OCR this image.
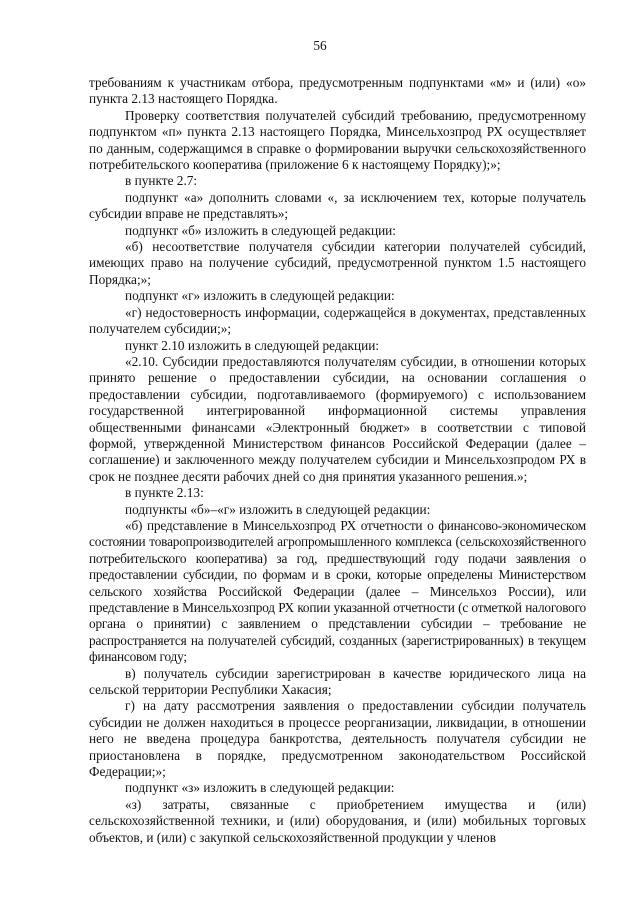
56

требованиям к участникам отбора, предусмотренным подпунктами «м» и (или) «о» пункта 2.13 настоящего Порядка.

Проверку соответствия получателей субсидий требованию, предусмотренному подпунктом «п» пункта 2.13 настоящего Порядка, Минсельхозпрод РХ осуществляет по данным, содержащимся в справке о формировании выручки сельскохозяйственного потребительского кооператива (приложение 6 к настоящему Порядку);»;

в пункте 2.7:

подпункт «а» дополнить словами «, за исключением тех, которые получатель субсидии вправе не представлять»;

подпункт «б» изложить в следующей редакции:

«б) несоответствие получателя субсидии категории получателей субсидий, имеющих право на получение субсидий, предусмотренной пунктом 1.5 настоящего Порядка;»;

подпункт «г» изложить в следующей редакции:

«г) недостоверность информации, содержащейся в документах, представленных получателем субсидии;»;

пункт 2.10 изложить в следующей редакции:

«2.10. Субсидии предоставляются получателям субсидии, в отношении которых принято решение о предоставлении субсидии, на основании соглашения о предоставлении субсидии, подготавливаемого (формируемого) с использованием государственной интегрированной информационной системы управления общественными финансами «Электронный бюджет» в соответствии с типовой формой, утвержденной Министерством финансов Российской Федерации (далее – соглашение) и заключенного между получателем субсидии и Минсельхозпродом РХ в срок не позднее десяти рабочих дней со дня принятия указанного решения.»;

в пункте 2.13:

подпункты «б»–«г» изложить в следующей редакции:

«б) представление в Минсельхозпрод РХ отчетности о финансово-экономическом состоянии товаропроизводителей агропромышленного комплекса (сельскохозяйственного потребительского кооператива) за год, предшествующий году подачи заявления о предоставлении субсидии, по формам и в сроки, которые определены Министерством сельского хозяйства Российской Федерации (далее – Минсельхоз России), или представление в Минсельхозпрод РХ копии указанной отчетности (с отметкой налогового органа о принятии) с заявлением о представлении субсидии – требование не распространяется на получателей субсидий, созданных (зарегистрированных) в текущем финансовом году;

в) получатель субсидии зарегистрирован в качестве юридического лица на сельской территории Республики Хакасия;

г) на дату рассмотрения заявления о предоставлении субсидии получатель субсидии не должен находиться в процессе реорганизации, ликвидации, в отношении него не введена процедура банкротства, деятельность получателя субсидии не приостановлена в порядке, предусмотренном законодательством Российской Федерации;»;

подпункт «з» изложить в следующей редакции:

«з) затраты, связанные с приобретением имущества и (или) сельскохозяйственной техники, и (или) оборудования, и (или) мобильных торговых объектов, и (или) с закупкой сельскохозяйственной продукции у членов
